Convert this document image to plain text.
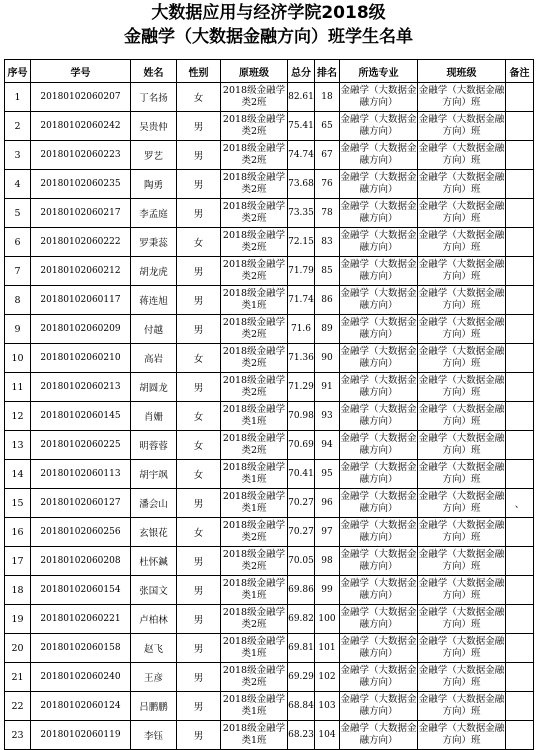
大数据应用与经济学院2018级
金融学（大数据金融方向）班学生名单
序号	学号	姓名	性别	原班级	总分	排名	所选专业	现班级	备注
1	20180102060207	丁名扬	女	2018级金融学类2班	82.61	18	金融学（大数据金融方向）	金融学（大数据金融方向）班	
2	20180102060242	吴贵仲	男	2018级金融学类2班	75.41	65	金融学（大数据金融方向）	金融学（大数据金融方向）班	
3	20180102060223	罗艺	男	2018级金融学类2班	74.74	67	金融学（大数据金融方向）	金融学（大数据金融方向）班	
4	20180102060235	陶勇	男	2018级金融学类2班	73.68	76	金融学（大数据金融方向）	金融学（大数据金融方向）班	
5	20180102060217	李孟庭	男	2018级金融学类2班	73.35	78	金融学（大数据金融方向）	金融学（大数据金融方向）班	
6	20180102060222	罗秉蕊	女	2018级金融学类2班	72.15	83	金融学（大数据金融方向）	金融学（大数据金融方向）班	
7	20180102060212	胡龙虎	男	2018级金融学类2班	71.79	85	金融学（大数据金融方向）	金融学（大数据金融方向）班	
8	20180102060117	蒋连旭	男	2018级金融学类1班	71.74	86	金融学（大数据金融方向）	金融学（大数据金融方向）班	
9	20180102060209	付越	男	2018级金融学类2班	71.6	89	金融学（大数据金融方向）	金融学（大数据金融方向）班	
10	20180102060210	高岩	女	2018级金融学类2班	71.36	90	金融学（大数据金融方向）	金融学（大数据金融方向）班	
11	20180102060213	胡圆龙	男	2018级金融学类2班	71.29	91	金融学（大数据金融方向）	金融学（大数据金融方向）班	
12	20180102060145	肖姗	女	2018级金融学类1班	70.98	93	金融学（大数据金融方向）	金融学（大数据金融方向）班	
13	20180102060225	明蓉蓉	女	2018级金融学类2班	70.69	94	金融学（大数据金融方向）	金融学（大数据金融方向）班	
14	20180102060113	胡宇飒	女	2018级金融学类1班	70.41	95	金融学（大数据金融方向）	金融学（大数据金融方向）班	
15	20180102060127	潘会山	男	2018级金融学类1班	70.27	96	金融学（大数据金融方向）	金融学（大数据金融方向）班	、
16	20180102060256	玄银花	女	2018级金融学类2班	70.27	97	金融学（大数据金融方向）	金融学（大数据金融方向）班	
17	20180102060208	杜怀鍼	男	2018级金融学类2班	70.05	98	金融学（大数据金融方向）	金融学（大数据金融方向）班	
18	20180102060154	张国文	男	2018级金融学类1班	69.86	99	金融学（大数据金融方向）	金融学（大数据金融方向）班	
19	20180102060221	卢柏林	男	2018级金融学类2班	69.82	100	金融学（大数据金融方向）	金融学（大数据金融方向）班	
20	20180102060158	赵飞	男	2018级金融学类1班	69.81	101	金融学（大数据金融方向）	金融学（大数据金融方向）班	
21	20180102060240	王彦	男	2018级金融学类2班	69.29	102	金融学（大数据金融方向）	金融学（大数据金融方向）班	
22	20180102060124	吕鹏鹏	男	2018级金融学类1班	68.84	103	金融学（大数据金融方向）	金融学（大数据金融方向）班	
23	20180102060119	李钰	男	2018级金融学类1班	68.23	104	金融学（大数据金融方向）	金融学（大数据金融方向）班	
